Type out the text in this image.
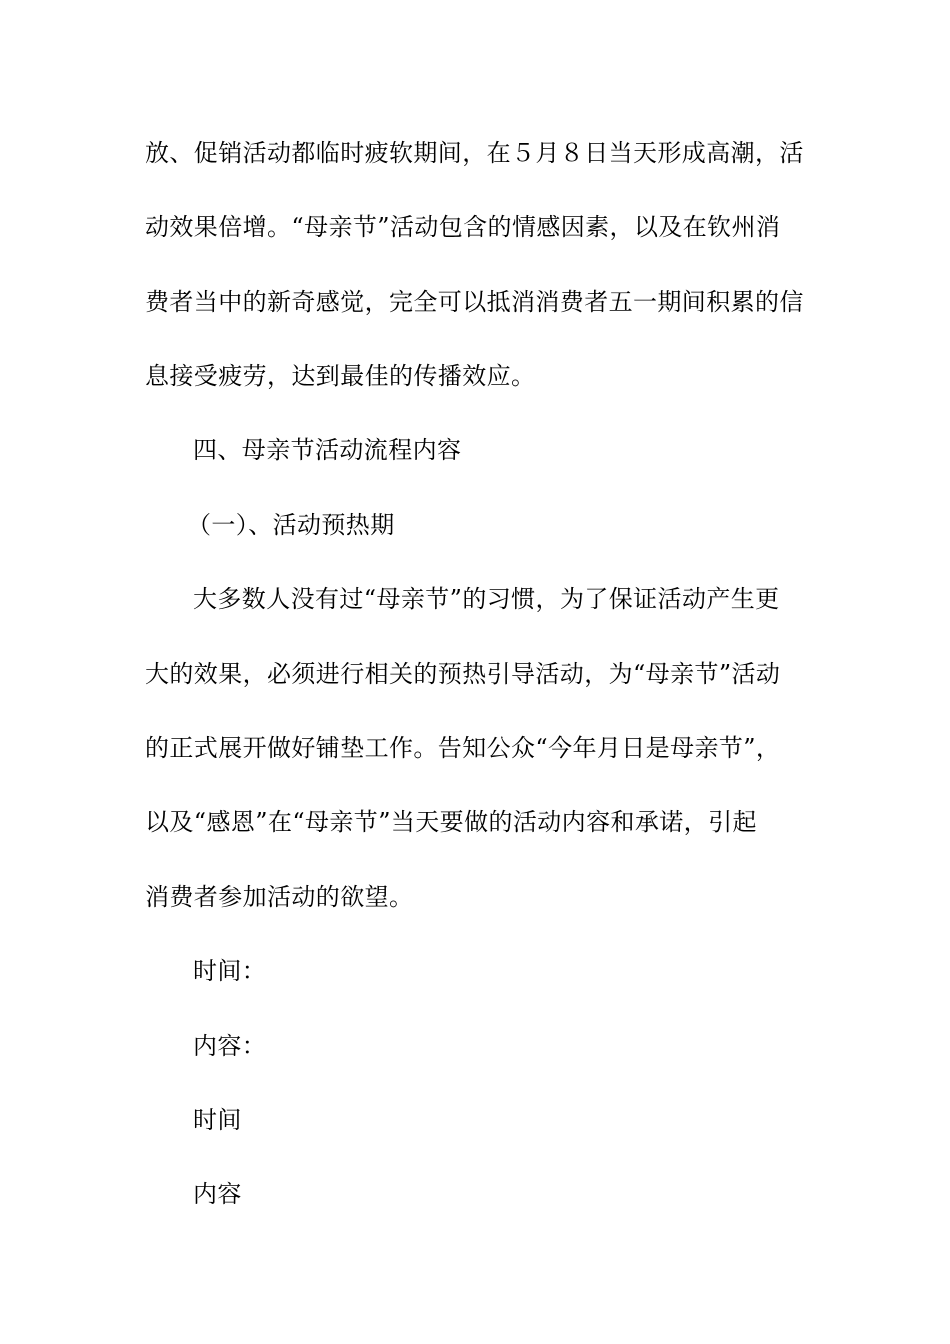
放、促销活动都临时疲软期间，在５月８日当天形成高潮，活
动效果倍增。“母亲节”活动包含的情感因素，以及在钦州消
费者当中的新奇感觉，完全可以抵消消费者五一期间积累的信
息接受疲劳，达到最佳的传播效应。
四、母亲节活动流程内容
（一）、活动预热期
大多数人没有过“母亲节”的习惯，为了保证活动产生更
大的效果，必须进行相关的预热引导活动，为“母亲节”活动
的正式展开做好铺垫工作。告知公众“今年月日是母亲节”，
以及“感恩”在“母亲节”当天要做的活动内容和承诺，引起
消费者参加活动的欲望。
时间：
内容：
时间
内容
